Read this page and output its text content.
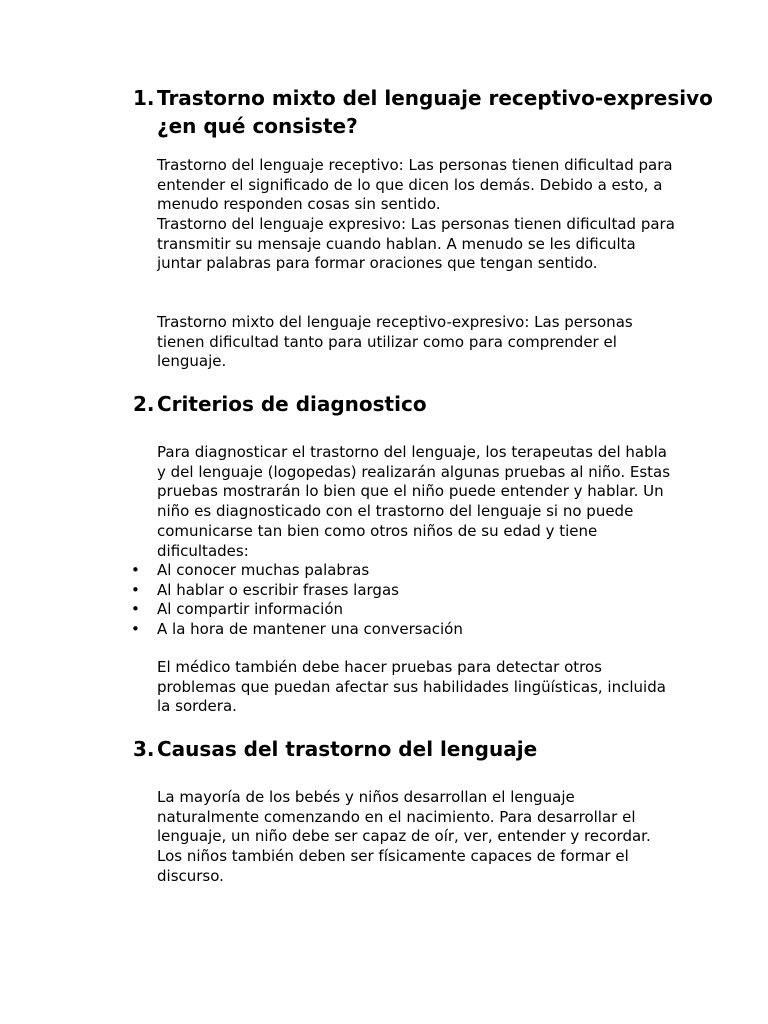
1. Trastorno mixto del lenguaje receptivo-expresivo ¿en qué consiste?

Trastorno del lenguaje receptivo: Las personas tienen dificultad para entender el significado de lo que dicen los demás. Debido a esto, a menudo responden cosas sin sentido.

Trastorno del lenguaje expresivo: Las personas tienen dificultad para transmitir su mensaje cuando hablan. A menudo se les dificulta juntar palabras para formar oraciones que tengan sentido.

Trastorno mixto del lenguaje receptivo-expresivo: Las personas tienen dificultad tanto para utilizar como para comprender el lenguaje.

2. Criterios de diagnostico

Para diagnosticar el trastorno del lenguaje, los terapeutas del habla y del lenguaje (logopedas) realizarán algunas pruebas al niño. Estas pruebas mostrarán lo bien que el niño puede entender y hablar. Un niño es diagnosticado con el trastorno del lenguaje si no puede comunicarse tan bien como otros niños de su edad y tiene dificultades:

• Al conocer muchas palabras
• Al hablar o escribir frases largas
• Al compartir información
• A la hora de mantener una conversación

El médico también debe hacer pruebas para detectar otros problemas que puedan afectar sus habilidades lingüísticas, incluida la sordera.

3. Causas del trastorno del lenguaje

La mayoría de los bebés y niños desarrollan el lenguaje naturalmente comenzando en el nacimiento. Para desarrollar el lenguaje, un niño debe ser capaz de oír, ver, entender y recordar. Los niños también deben ser físicamente capaces de formar el discurso.
